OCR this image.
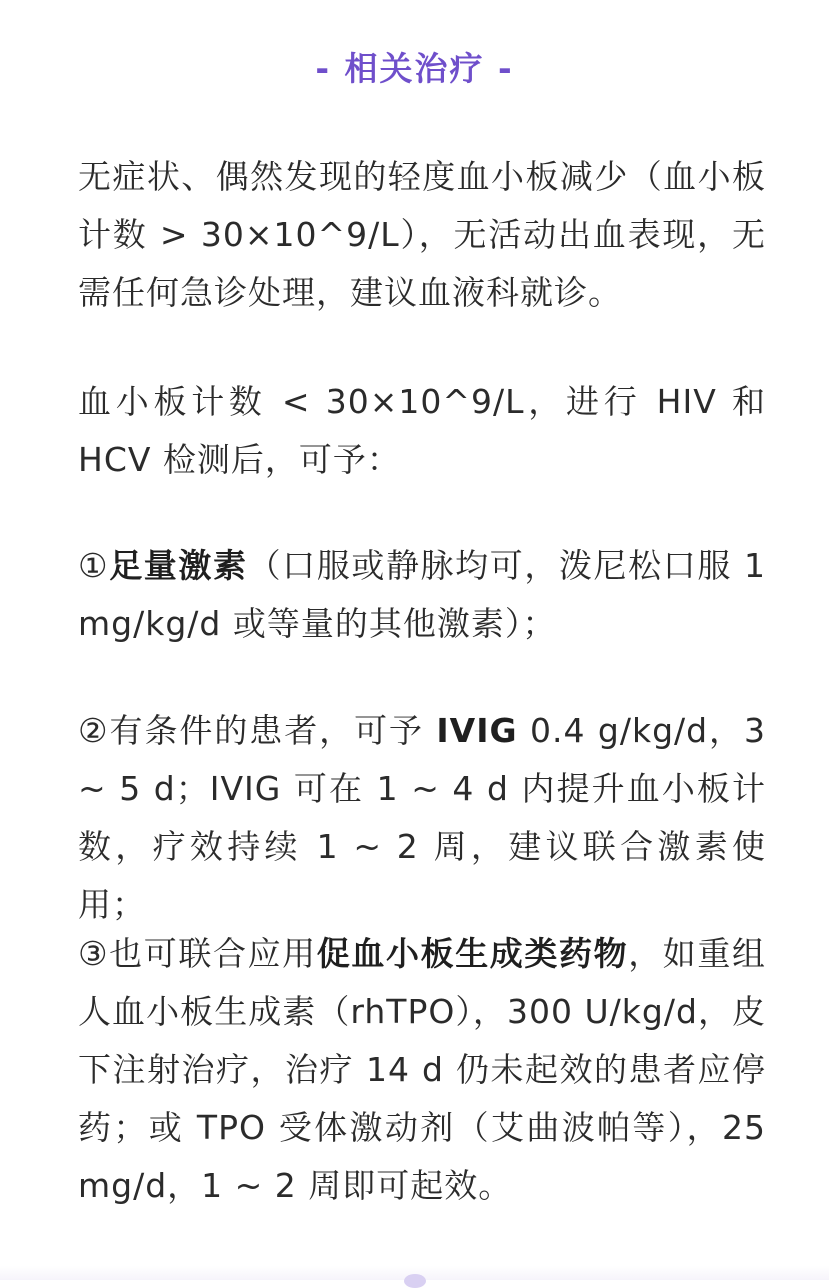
- 相关治疗 -
无症状、偶然发现的轻度血小板减少（血小板计数 > 30×10^9/L），无活动出血表现，无需任何急诊处理，建议血液科就诊。
血小板计数 < 30×10^9/L，进行 HIV 和 HCV 检测后，可予：
①足量激素（口服或静脉均可，泼尼松口服 1 mg/kg/d 或等量的其他激素）；
②有条件的患者，可予 IVIG 0.4 g/kg/d，3 ~ 5 d；IVIG 可在 1 ~ 4 d 内提升血小板计数，疗效持续 1 ~ 2 周，建议联合激素使用；
③也可联合应用促血小板生成类药物，如重组人血小板生成素（rhTPO），300 U/kg/d，皮下注射治疗，治疗 14 d 仍未起效的患者应停药；或 TPO 受体激动剂（艾曲波帕等），25 mg/d，1 ~ 2 周即可起效。
